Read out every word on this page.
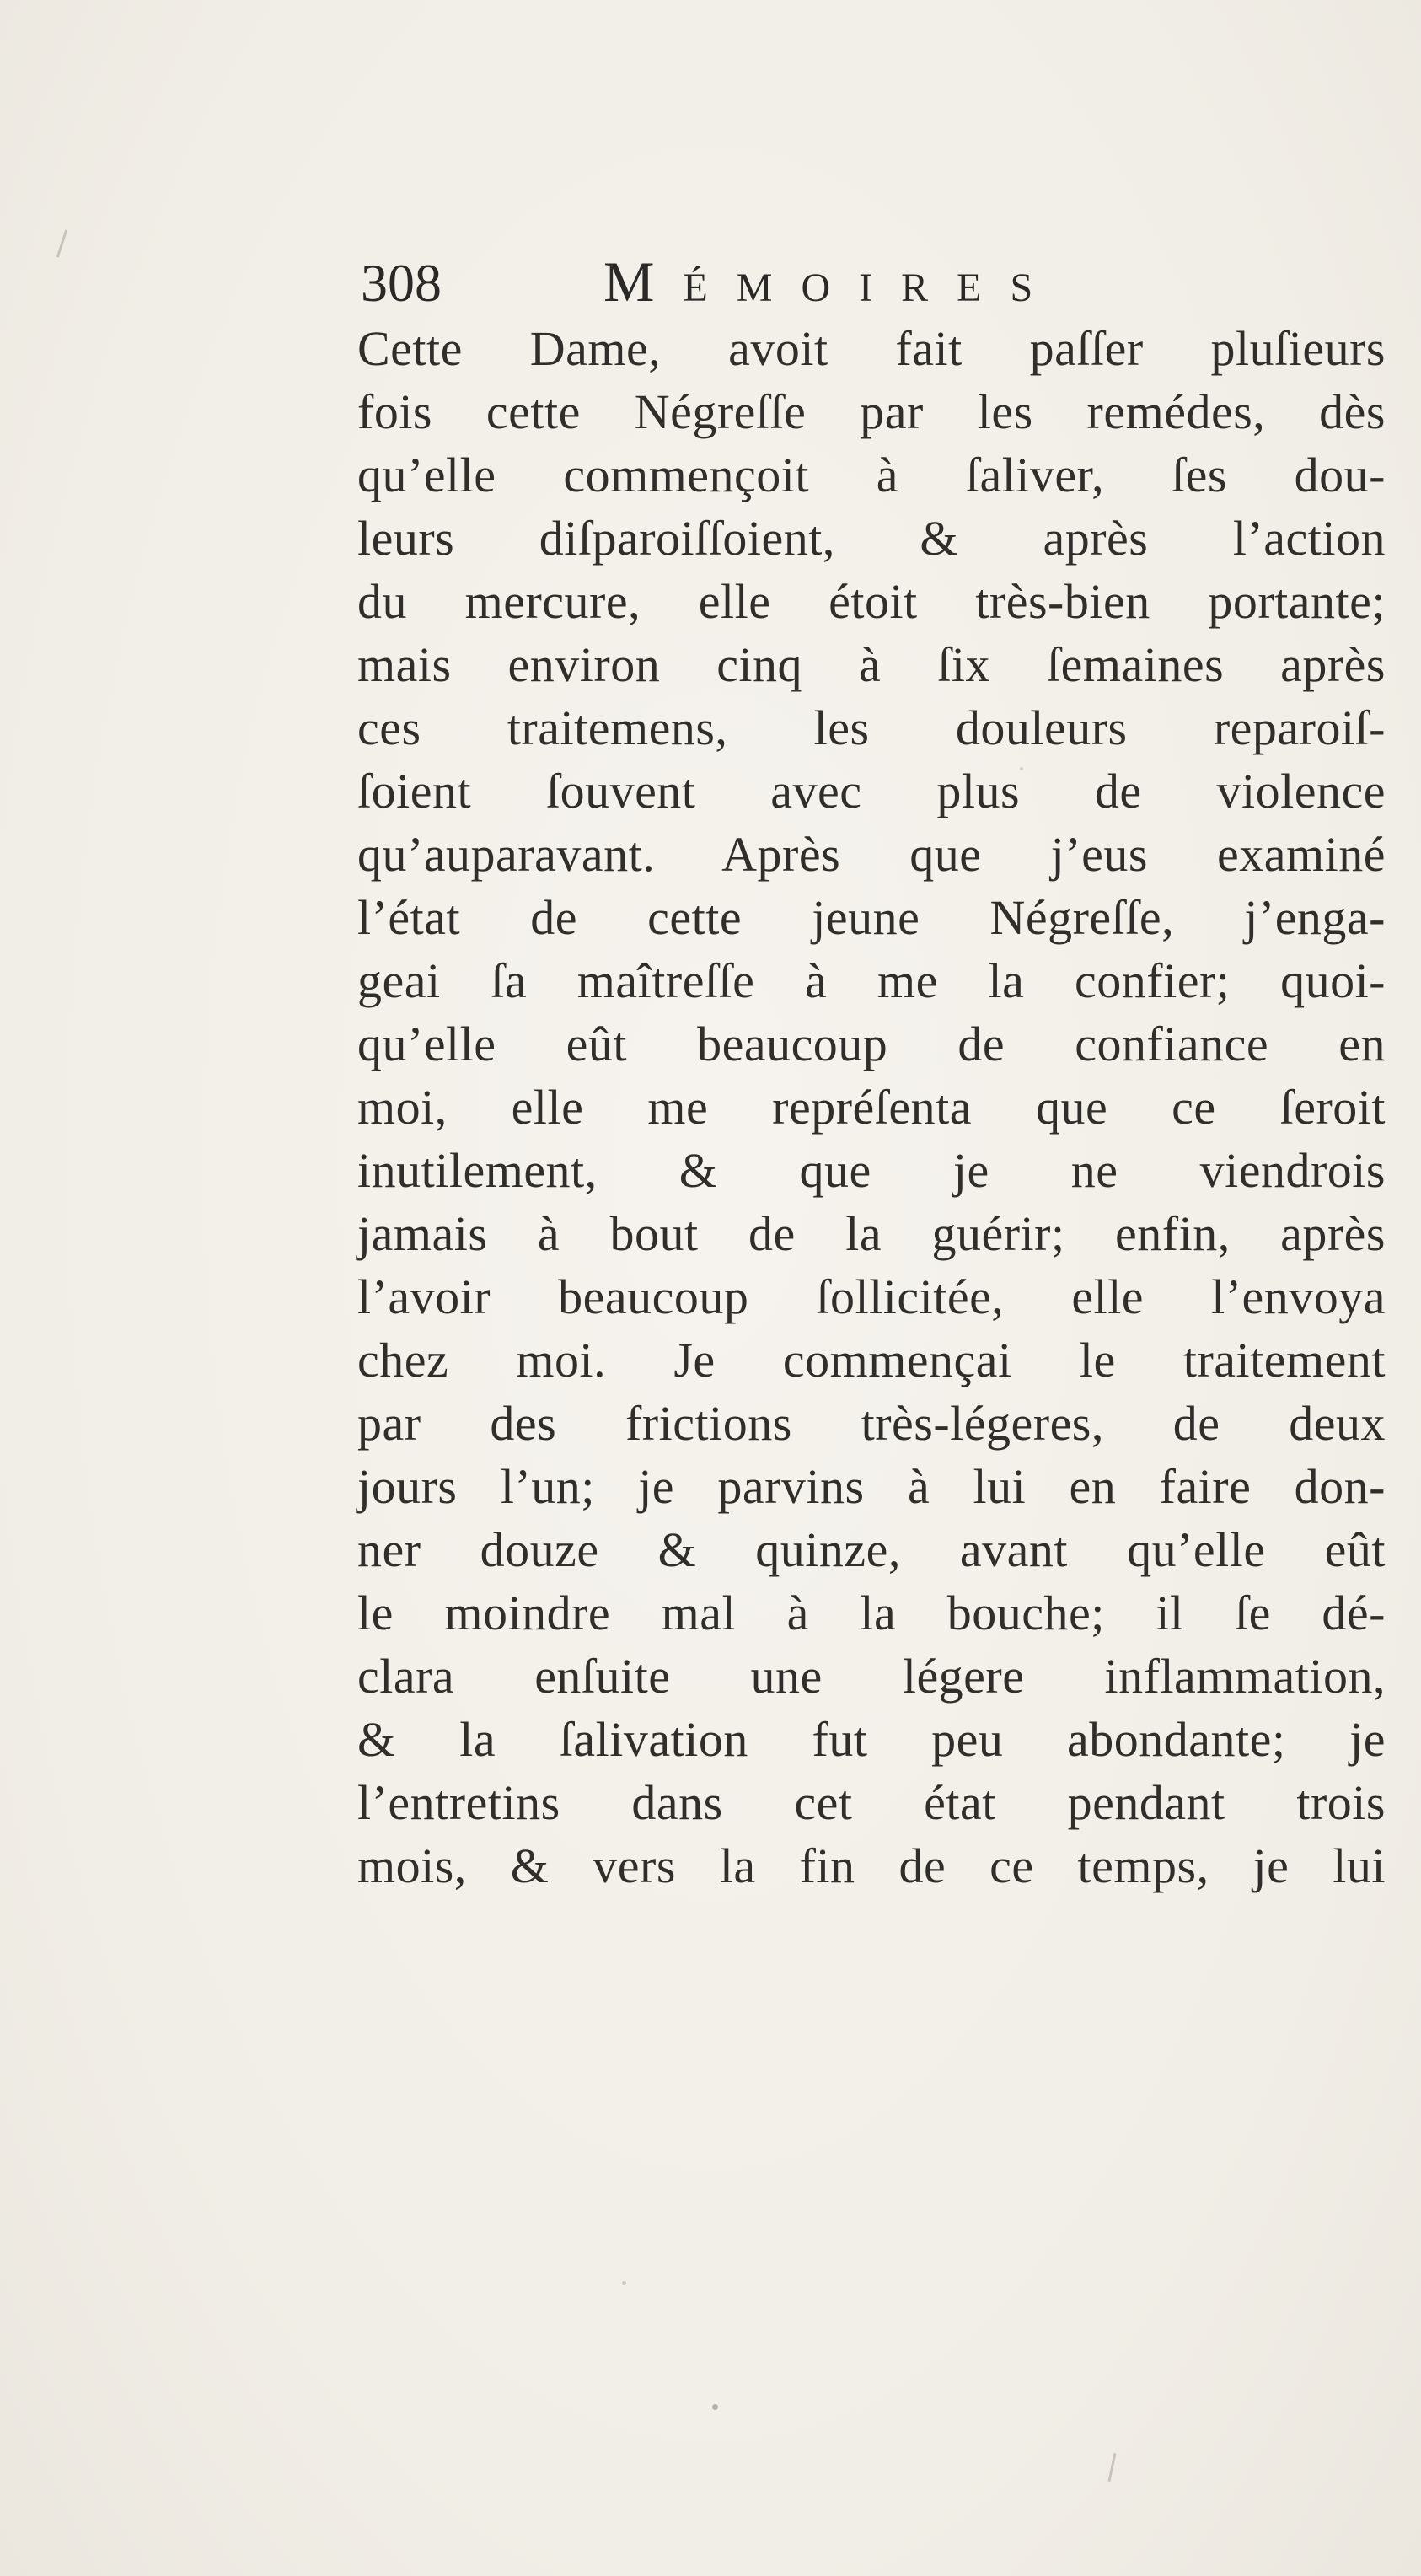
308	Mémoires
Cette Dame, avoit fait paſſer pluſieurs
fois cette Négreſſe par les remédes, dès
qu’elle commençoit à ſaliver, ſes dou-
leurs diſparoiſſoient, & après l’action
du mercure, elle étoit très-bien portante;
mais environ cinq à ſix ſemaines après
ces traitemens, les douleurs reparoiſ-
ſoient ſouvent avec plus de violence
qu’auparavant. Après que j’eus examiné
l’état de cette jeune Négreſſe, j’enga-
geai ſa maîtreſſe à me la confier; quoi-
qu’elle eût beaucoup de confiance en
moi, elle me repréſenta que ce ſeroit
inutilement, & que je ne viendrois
jamais à bout de la guérir; enfin, après
l’avoir beaucoup ſollicitée, elle l’envoya
chez moi. Je commençai le traitement
par des frictions très-légeres, de deux
jours l’un; je parvins à lui en faire don-
ner douze & quinze, avant qu’elle eût
le moindre mal à la bouche; il ſe dé-
clara enſuite une légere inflammation,
& la ſalivation fut peu abondante; je
l’entretins dans cet état pendant trois
mois, & vers la fin de ce temps, je lui
